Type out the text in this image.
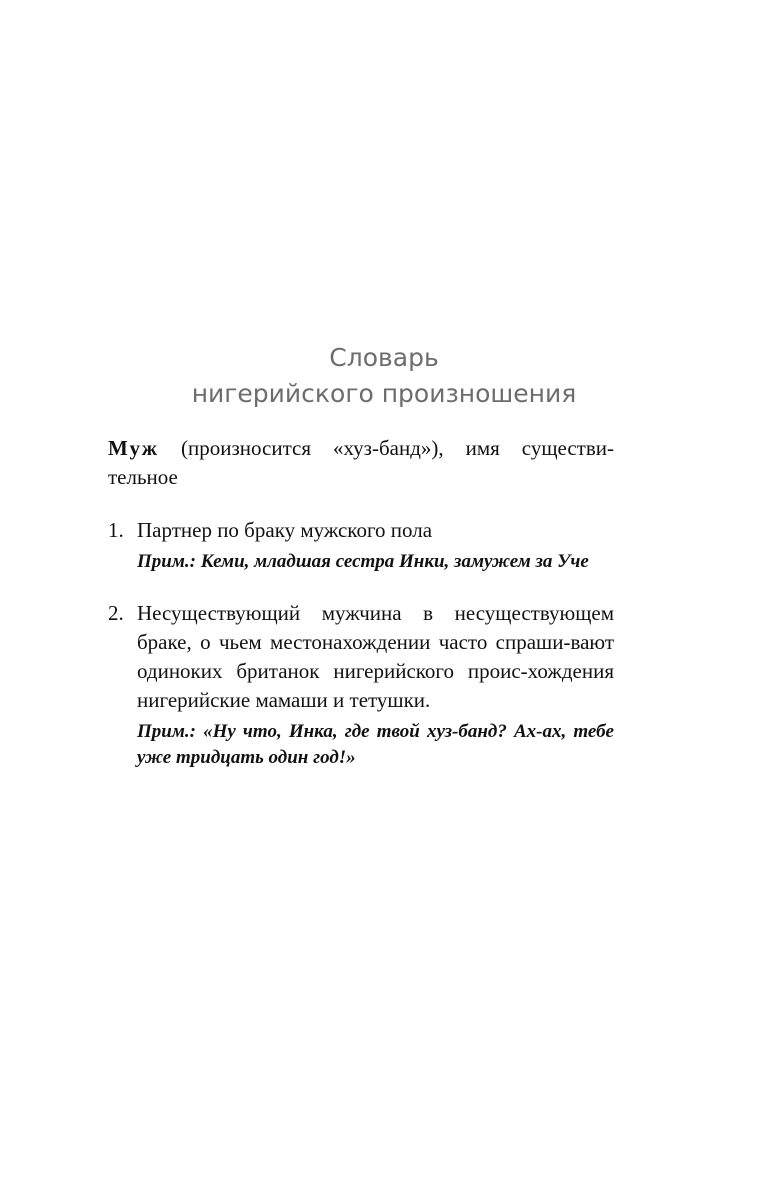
Словарь
нигерийского произношения
Муж (произносится «хуз-банд»), имя существи-тельное
1. Партнер по браку мужского пола
Прим.: Кеми, младшая сестра Инки, замужем за Уче
2. Несуществующий мужчина в несуществующем браке, о чьем местонахождении часто спраши-вают одиноких британок нигерийского проис-хождения нигерийские мамаши и тетушки.
Прим.: «Ну что, Инка, где твой хуз-банд? Ах-ах, тебе уже тридцать один год!»
